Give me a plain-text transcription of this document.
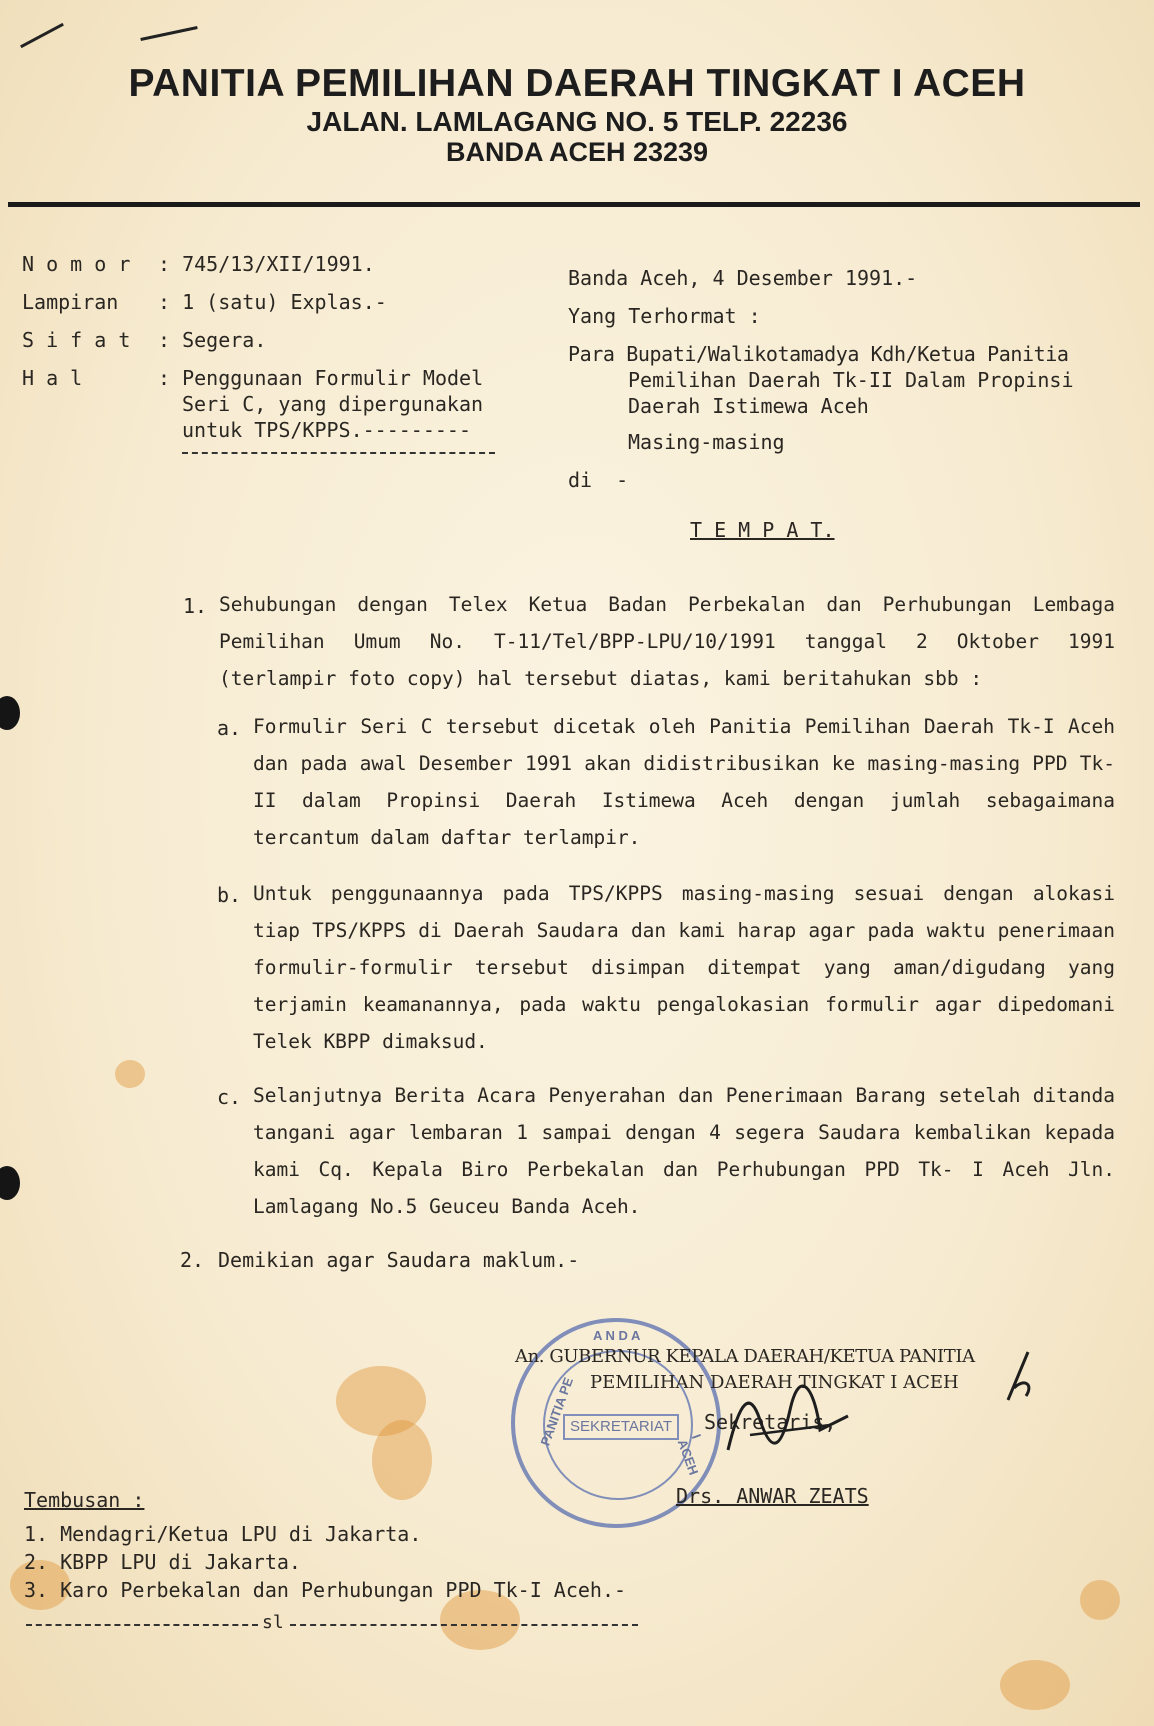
PANITIA PEMILIHAN DAERAH TINGKAT I ACEH
JALAN. LAMLAGANG NO. 5 TELP. 22236
BANDA ACEH 23239
N o m o r : 745/13/XII/1991.
Lampiran : 1 (satu) Explas.-
S i f a t : Segera.
H a l	: Penggunaan Formulir Model
Seri C, yang dipergunakan
untuk TPS/KPPS.---------
Banda Aceh, 4 Desember 1991.-
Yang Terhormat :
Para Bupati/Walikotamadya Kdh/Ketua Panitia
Pemilihan Daerah Tk-II Dalam Propinsi
Daerah Istimewa Aceh
Masing-masing
di  -
T E M P A T.
1. Sehubungan dengan Telex Ketua Badan Perbekalan dan Perhubungan Lembaga Pemilihan Umum No. T-11/Tel/BPP-LPU/10/1991 tanggal 2 Oktober 1991 (terlampir foto copy) hal tersebut diatas, kami beritahukan sbb :
a. Formulir Seri C tersebut dicetak oleh Panitia Pemilihan Daerah Tk-I Aceh dan pada awal Desember 1991 akan didistribusikan ke masing-masing PPD Tk-II dalam Propinsi Daerah Istimewa Aceh dengan jumlah sebagaimana tercantum dalam daftar terlampir.
b. Untuk penggunaannya pada TPS/KPPS masing-masing sesuai dengan alokasi tiap TPS/KPPS di Daerah Saudara dan kami harap agar pada waktu penerimaan formulir-formulir tersebut disimpan ditempat yang aman/digudang yang terjamin keamanannya, pada waktu pengalokasian formulir agar dipedomani Telek KBPP dimaksud.
c. Selanjutnya Berita Acara Penyerahan dan Penerimaan Barang setelah ditanda tangani agar lembaran 1 sampai dengan 4 segera Saudara kembalikan kepada kami Cq. Kepala Biro Perbekalan dan Perhubungan PPD Tk- I Aceh Jln. Lamlagang No.5 Geuceu Banda Aceh.
2. Demikian agar Saudara maklum.-
A N D A
PANITIA PE	I ACEH
SEKRETARIAT
An. GUBERNUR KEPALA DAERAH/KETUA PANITIA
PEMILIHAN DAERAH TINGKAT I ACEH
Sekretaris,
Drs. ANWAR ZEATS
Tembusan :
1. Mendagri/Ketua LPU di Jakarta.
2. KBPP LPU di Jakarta.
3. Karo Perbekalan dan Perhubungan PPD Tk-I Aceh.-
sl
